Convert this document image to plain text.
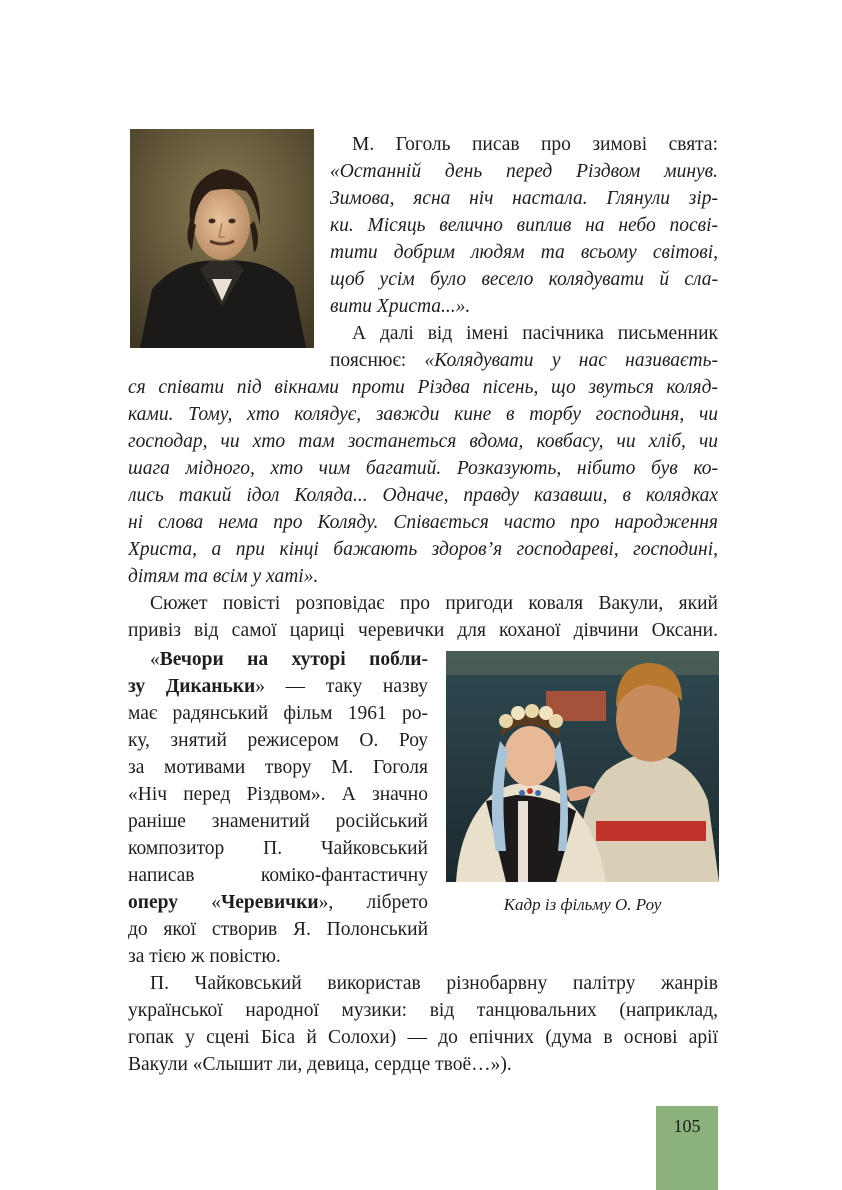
М. Гоголь писав про зимові свята:
«Останній день перед Різдвом минув.
Зимова, ясна ніч настала. Глянули зір-
ки. Місяць велично виплив на небо посві-
тити добрим людям та всьому світові,
щоб усім було весело колядувати й сла-
вити Христа...».
А далі від імені пасічника письменник
пояснює: «Колядувати у нас називаєть-
ся співати під вікнами проти Різдва пісень, що звуться коляд-
ками. Тому, хто колядує, завжди кине в торбу господиня, чи
господар, чи хто там зостанеться вдома, ковбасу, чи хліб, чи
шага мідного, хто чим багатий. Розказують, нібито був ко-
лись такий ідол Коляда... Одначе, правду казавши, в колядках
ні слова нема про Коляду. Співається часто про народження
Христа, а при кінці бажають здоров’я господареві, господині,
дітям та всім у хаті».
Сюжет повісті розповідає про пригоди коваля Вакули, який
привіз від самої цариці черевички для коханої дівчини Оксани.
«Вечори на хуторі побли-
зу Диканьки» — таку назву
має радянський фільм 1961 ро-
ку, знятий режисером О. Роу
за мотивами твору М. Гоголя
«Ніч перед Різдвом». А значно
раніше знаменитий російський
композитор П. Чайковський
написав коміко-фантастичну
оперу «Черевички», лібрето
до якої створив Я. Полонський
за тією ж повістю.
Кадр із фільму О. Роу
П. Чайковський використав різнобарвну палітру жанрів
української народної музики: від танцювальних (наприклад,
гопак у сцені Біса й Солохи) — до епічних (дума в основі арії
Вакули «Слышит ли, девица, сердце твоё…»).
105
